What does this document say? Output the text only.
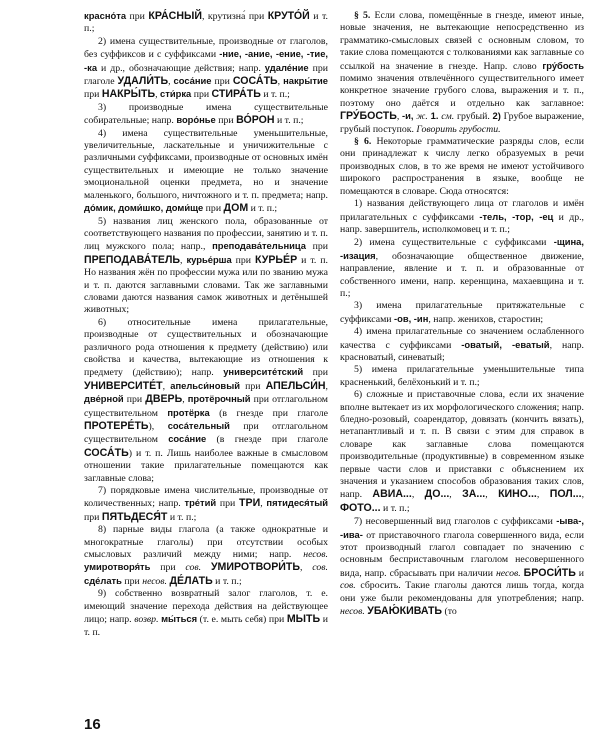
красно́та при КРА́СНЫЙ, крутизна́ при КРУТО́Й и т. п.;

2) имена существительные, производные от глаголов, без суффиксов и с суффиксами -ние, -ание, -ение, -тие, -ка и др., обозначающие действия; напр. удале́ние при глаголе УДАЛИ́ТЬ, соса́ние при СОСА́ТЬ, накры́тие при НАКРЫ́ТЬ, сти́рка при СТИРА́ТЬ и т. п.;

3) производные имена существительные собирательные; напр. воро́нье при ВО́РОН и т. п.;

4) имена существительные уменьшительные, увеличительные, ласкательные и уничижительные с различными суффиксами, производные от основных имён существительных и имеющие не только значение эмоциональной оценки предмета, но и значение маленького, большого, ничтожного и т. п. предмета; напр. до́мик, доми́шко, доми́ще при ДОМ и т. п.;

5) названия лиц женского пола, образованные от соответствующего названия по профессии, занятию и т. п. лиц мужского пола; напр., преподава́тельница при ПРЕПОДАВА́ТЕЛЬ, курье́рша при КУРЬЕ́Р и т. п. Но названия жён по профессии мужа или по званию мужа и т. п. даются заглавными словами. Так же заглавными словами даются названия самок животных и детёнышей животных;

6) относительные имена прилагательные, производные от существительных и обозначающие различного рода отношения к предмету (действию) или свойства и качества, вытекающие из отношения к предмету (действию); напр. университе́тский при УНИВЕРСИТЕ́Т, апельси́новый при АПЕЛЬСИ́Н, две́рной при ДВЕРЬ, протёрочный при отглагольном существительном протёрка (в гнезде при глаголе ПРОТЕРЕ́ТЬ), сосáтельный при отглагольном существительном соса́ние (в гнезде при глаголе СОСА́ТЬ) и т. п. Лишь наиболее важные в смысловом отношении такие прилагательные помещаются как заглавные слова;

7) порядковые имена числительные, производные от количественных; напр. тре́тий при ТРИ, пятидеся́тый при ПЯТЬДЕСЯ́Т и т. п.;

8) парные виды глагола (а также однократные и многократные глаголы) при отсутствии особых смысловых различий между ними; напр. несов. умиротворя́ть при сов. УМИРОТВОРИ́ТЬ, сов. сде́лать при несов. ДЕ́ЛАТЬ и т. п.;

9) собственно возвратный залог глаголов, т. е. имеющий значение перехода действия на действующее лицо; напр. возвр. мы́ться (т. е. мыть себя) при МЫТЬ и т. п.

§ 5. Если слова, помещённые в гнезде, имеют иные, новые значения, не вытекающие непосредственно из грамматико-смысловых связей с основным словом, то такие слова помещаются с толкованиями как заглавные со ссылкой на значение в гнезде. Напр. слово гру́бость помимо значения отвлечённого существительного имеет конкретное значение грубого слова, выражения и т. п., поэтому оно даётся и отдельно как заглавное: ГРУ́БОСТЬ, -и, ж. 1. см. грубый. 2) Грубое выражение, грубый поступок. Говорить грубости.

§ 6. Некоторые грамматические разряды слов, если они принадлежат к числу легко образуемых в речи производных слов, в то же время не имеют устойчивого широкого распространения в языке, вообще не помещаются в словаре. Сюда относятся:

1) названия действующего лица от глаголов и имён прилагательных с суффиксами -тель, -тор, -ец и др., напр. завершитель, исполкомовец и т. п.;

2) имена существительные с суффиксами -щина, -изация, обозначающие общественное движение, направление, явление и т. п. и образованные от собственного имени, напр. керенщина, махаевщина и т. п.;

3) имена прилагательные притяжательные с суффиксами -ов, -ин, напр. женихов, старостин;

4) имена прилагательные со значением ослабленного качества с суффиксами -оватый, -еватый, напр. красноватый, синеватый;

5) имена прилагательные уменьшительные типа красненький, белёхонький и т. п.;

6) сложные и приставочные слова, если их значение вполне вытекает из их морфологического сложения; напр. бледно-розовый, соарендатор, довязать (кончить вязать), нетапантливый и т. п. В связи с этим для справок в словаре как заглавные слова помещаются производительные (продуктивные) в современном языке первые части слов и приставки с объяснением их значения и указанием способов образования таких слов, напр. АВИА..., ДО..., ЗА..., КИНО..., ПОЛ..., ФОТО... и т. п.;

7) несовершенный вид глаголов с суффиксами -ыва-, -ива- от приставочного глагола совершенного вида, если этот производный глагол совпадает по значению с основным бесприставочным глаголом несовершенного вида, напр. сбрасывать при наличии несов. БРОСИ́ТЬ и сов. сбросить. Такие глаголы даются лишь тогда, когда они уже были рекомендованы для употребления; напр. несов. УБАЮ́КИВАТЬ (то

16
